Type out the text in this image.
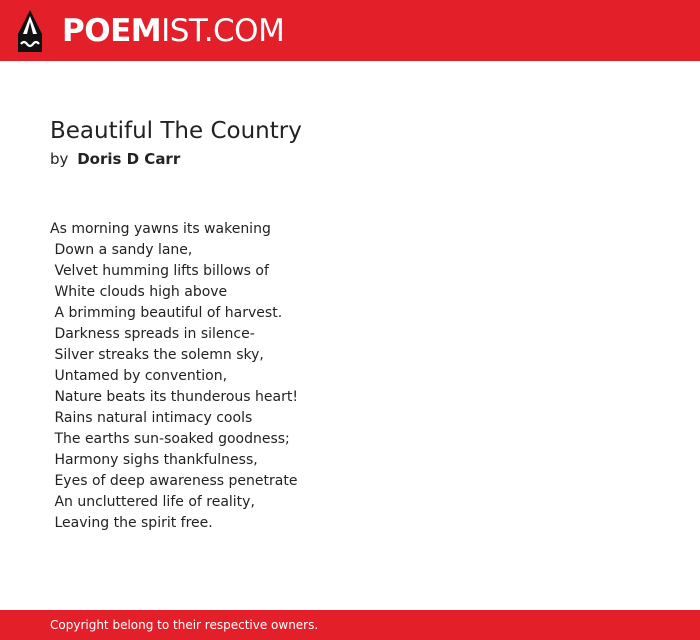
POEMIST.COM
Beautiful The Country
by Doris D Carr
As morning yawns its wakening
Down a sandy lane,
Velvet humming lifts billows of
White clouds high above
A brimming beautiful of harvest.
Darkness spreads in silence-
Silver streaks the solemn sky,
Untamed by convention,
Nature beats its thunderous heart!
Rains natural intimacy cools
The earths sun-soaked goodness;
Harmony sighs thankfulness,
Eyes of deep awareness penetrate
An uncluttered life of reality,
Leaving the spirit free.
Copyright belong to their respective owners.
